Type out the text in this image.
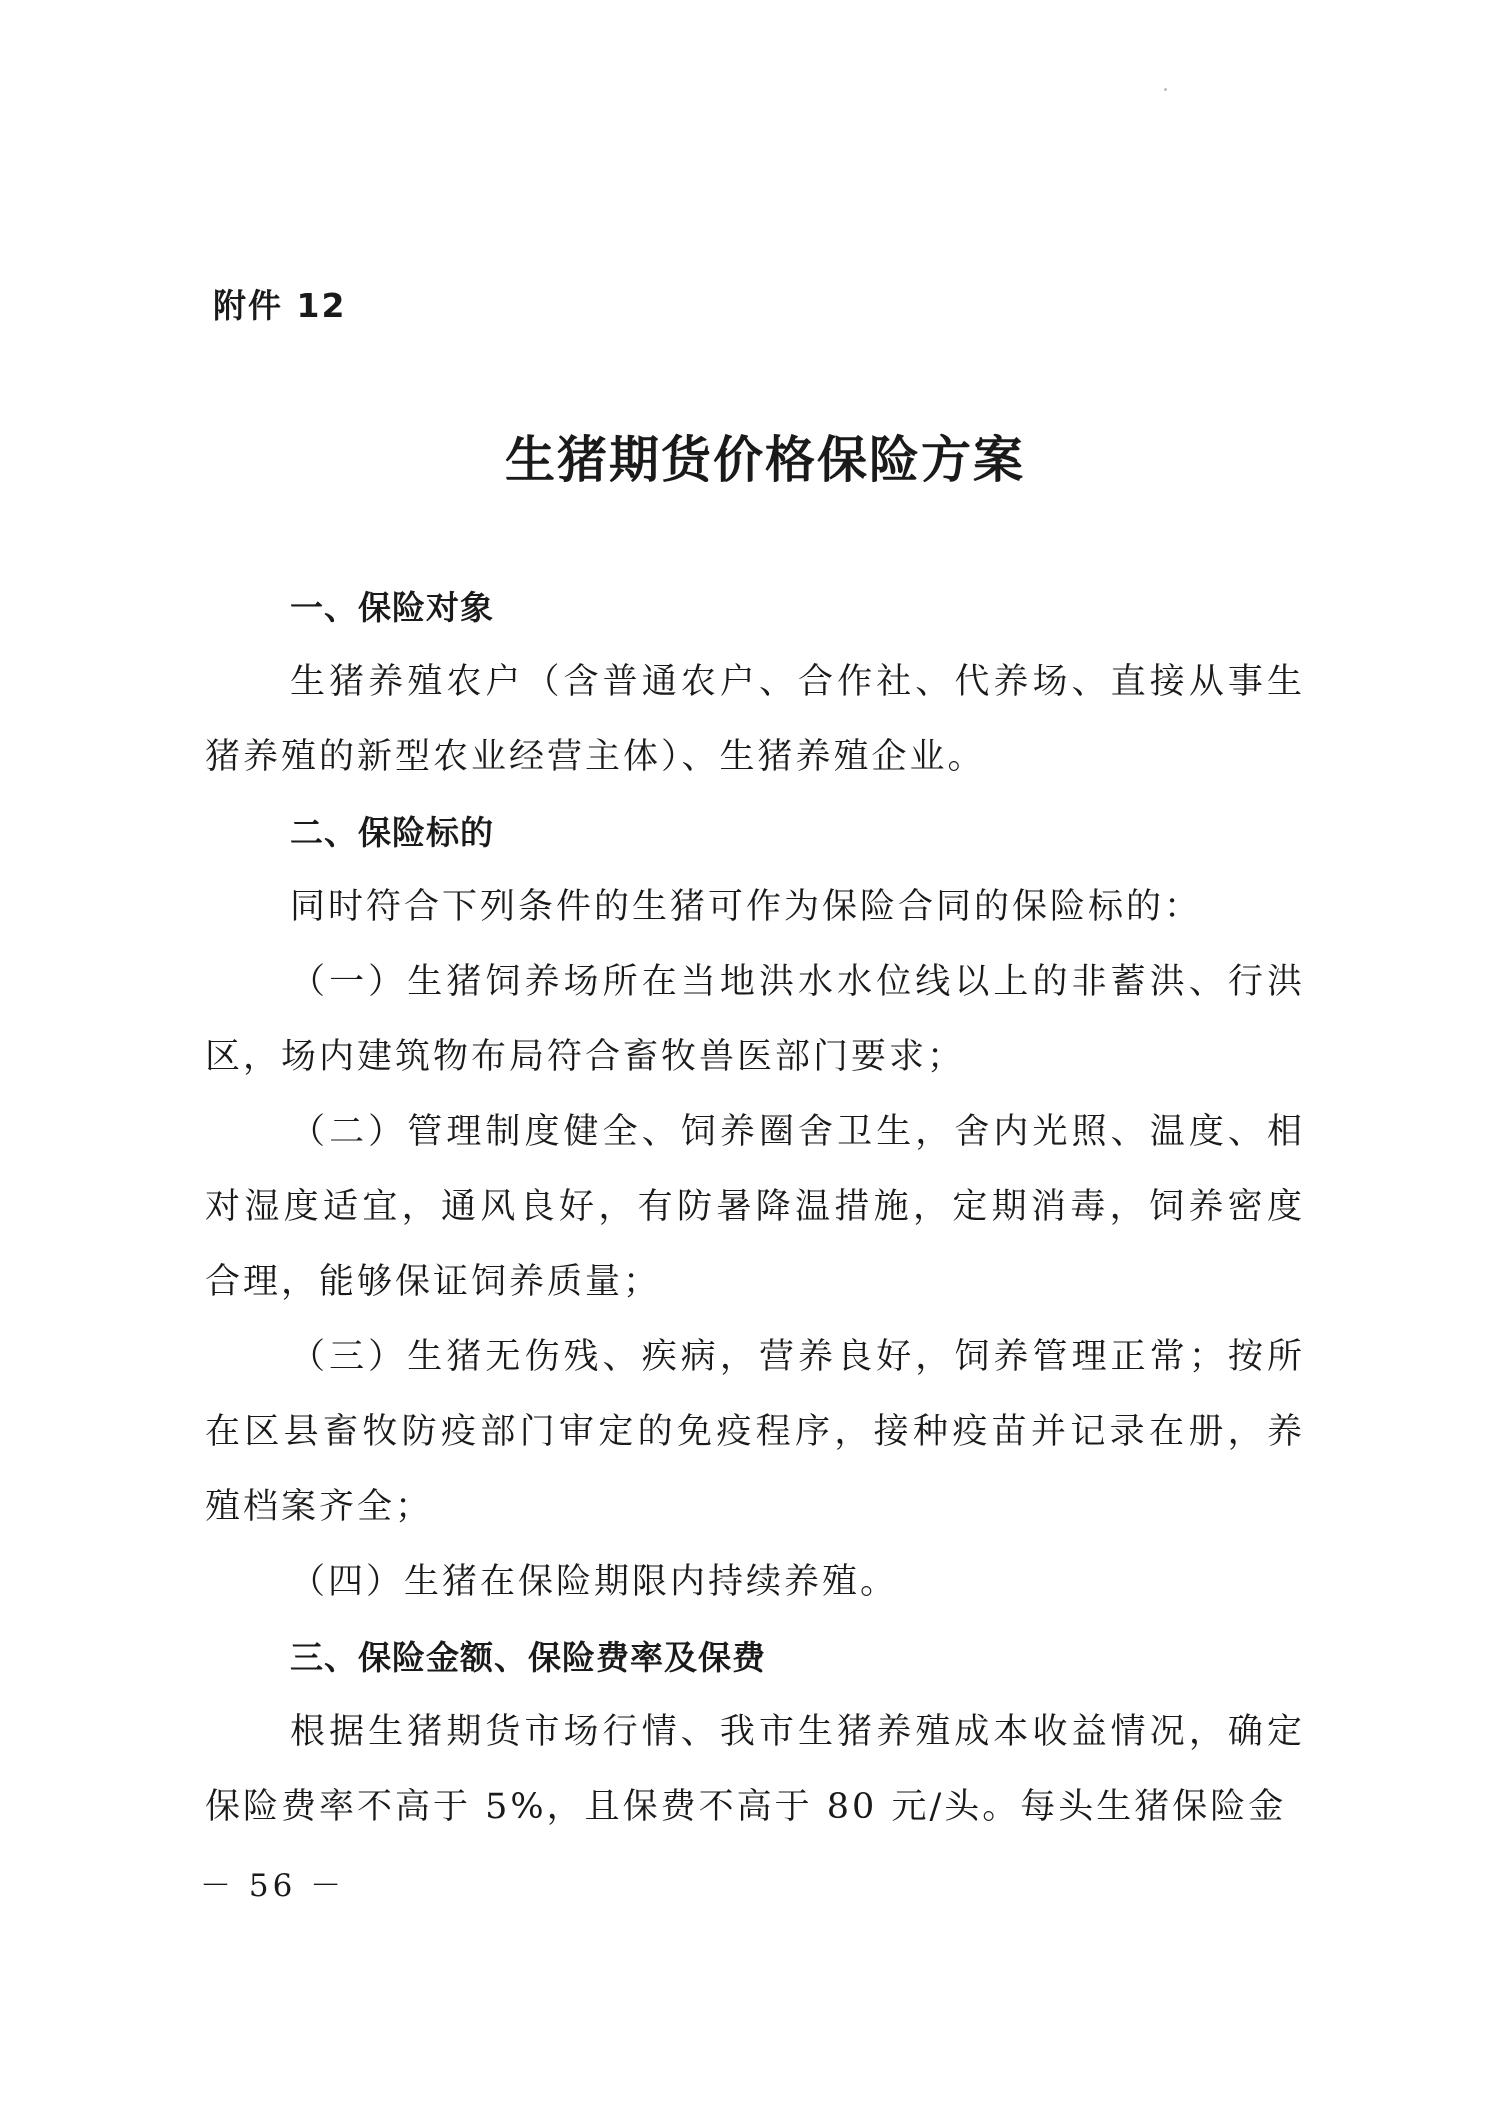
附件 12
生猪期货价格保险方案

一、保险对象

生猪养殖农户（含普通农户、合作社、代养场、直接从事生猪养殖的新型农业经营主体）、生猪养殖企业。

二、保险标的

同时符合下列条件的生猪可作为保险合同的保险标的：

（一）生猪饲养场所在当地洪水水位线以上的非蓄洪、行洪区，场内建筑物布局符合畜牧兽医部门要求；

（二）管理制度健全、饲养圈舍卫生，舍内光照、温度、相对湿度适宜，通风良好，有防暑降温措施，定期消毒，饲养密度合理，能够保证饲养质量；

（三）生猪无伤残、疾病，营养良好，饲养管理正常；按所在区县畜牧防疫部门审定的免疫程序，接种疫苗并记录在册，养殖档案齐全；

（四）生猪在保险期限内持续养殖。

三、保险金额、保险费率及保费

根据生猪期货市场行情、我市生猪养殖成本收益情况，确定保险费率不高于 5%，且保费不高于 80 元/头。每头生猪保险金

－ 56 －
